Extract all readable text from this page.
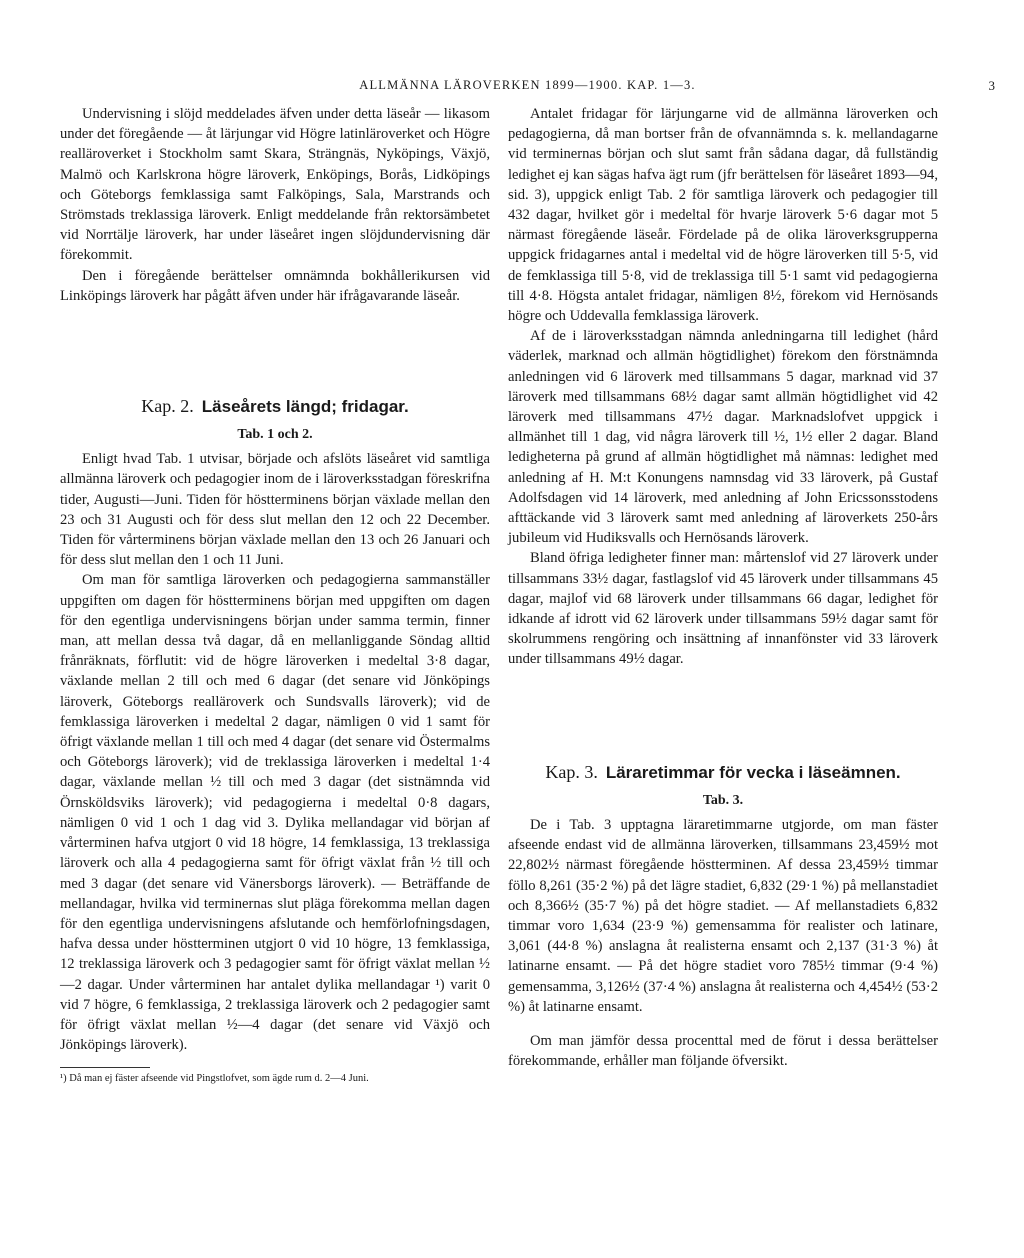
ALLMÄNNA LÄROVERKEN 1899—1900. KAP. 1—3.	3

Undervisning i slöjd meddelades äfven under detta läseår — likasom under det föregående — åt lärjungar vid Högre latinläroverket och Högre realläroverket i Stockholm samt Skara, Strängnäs, Nyköpings, Växjö, Malmö och Karlskrona högre läroverk, Enköpings, Borås, Lidköpings och Göteborgs femklassiga samt Falköpings, Sala, Marstrands och Strömstads treklassiga läroverk. Enligt meddelande från rektorsämbetet vid Norrtälje läroverk, har under läseåret ingen slöjdundervisning där förekommit.

Den i föregående berättelser omnämnda bokhållerikursen vid Linköpings läroverk har pågått äfven under här ifrågavarande läseår.

Kap. 2. Läseårets längd; fridagar.
Tab. 1 och 2.

Enligt hvad Tab. 1 utvisar, började och afslöts läseåret vid samtliga allmänna läroverk och pedagogier inom de i läroverksstadgan föreskrifna tider, Augusti—Juni. Tiden för höstterminens början växlade mellan den 23 och 31 Augusti och för dess slut mellan den 12 och 22 December. Tiden för vårterminens början växlade mellan den 13 och 26 Januari och för dess slut mellan den 1 och 11 Juni.

Om man för samtliga läroverken och pedagogierna sammanställer uppgiften om dagen för höstterminens början med uppgiften om dagen för den egentliga undervisningens början under samma termin, finner man, att mellan dessa två dagar, då en mellanliggande Söndag alltid frånräknats, förflutit: vid de högre läroverken i medeltal 3·8 dagar, växlande mellan 2 till och med 6 dagar (det senare vid Jönköpings läroverk, Göteborgs realläroverk och Sundsvalls läroverk); vid de femklassiga läroverken i medeltal 2 dagar, nämligen 0 vid 1 samt för öfrigt växlande mellan 1 till och med 4 dagar (det senare vid Östermalms och Göteborgs läroverk); vid de treklassiga läroverken i medeltal 1·4 dagar, växlande mellan ½ till och med 3 dagar (det sistnämnda vid Örnsköldsviks läroverk); vid pedagogierna i medeltal 0·8 dagars, nämligen 0 vid 1 och 1 dag vid 3. Dylika mellandagar vid början af vårterminen hafva utgjort 0 vid 18 högre, 14 femklassiga, 13 treklassiga läroverk och alla 4 pedagogierna samt för öfrigt växlat från ½ till och med 3 dagar (det senare vid Vänersborgs läroverk). — Beträffande de mellandagar, hvilka vid terminernas slut pläga förekomma mellan dagen för den egentliga undervisningens afslutande och hemförlofningsdagen, hafva dessa under höstterminen utgjort 0 vid 10 högre, 13 femklassiga, 12 treklassiga läroverk och 3 pedagogier samt för öfrigt växlat mellan ½—2 dagar. Under vårterminen har antalet dylika mellandagar ¹) varit 0 vid 7 högre, 6 femklassiga, 2 treklassiga läroverk och 2 pedagogier samt för öfrigt växlat mellan ½—4 dagar (det senare vid Växjö och Jönköpings läroverk).

¹) Då man ej fäster afseende vid Pingstlofvet, som ägde rum d. 2—4 Juni.

Antalet fridagar för lärjungarne vid de allmänna läroverken och pedagogierna, då man bortser från de ofvannämnda s. k. mellandagarne vid terminernas början och slut samt från sådana dagar, då fullständig ledighet ej kan sägas hafva ägt rum (jfr berättelsen för läseåret 1893—94, sid. 3), uppgick enligt Tab. 2 för samtliga läroverk och pedagogier till 432 dagar, hvilket gör i medeltal för hvarje läroverk 5·6 dagar mot 5 närmast föregående läseår. Fördelade på de olika läroverksgrupperna uppgick fridagarnes antal i medeltal vid de högre läroverken till 5·5, vid de femklassiga till 5·8, vid de treklassiga till 5·1 samt vid pedagogierna till 4·8. Högsta antalet fridagar, nämligen 8½, förekom vid Hernösands högre och Uddevalla femklassiga läroverk.

Af de i läroverksstadgan nämnda anledningarna till ledighet (hård väderlek, marknad och allmän högtidlighet) förekom den förstnämnda anledningen vid 6 läroverk med tillsammans 5 dagar, marknad vid 37 läroverk med tillsammans 68½ dagar samt allmän högtidlighet vid 42 läroverk med tillsammans 47½ dagar. Marknadslofvet uppgick i allmänhet till 1 dag, vid några läroverk till ½, 1½ eller 2 dagar. Bland ledigheterna på grund af allmän högtidlighet må nämnas: ledighet med anledning af H. M:t Konungens namnsdag vid 33 läroverk, på Gustaf Adolfsdagen vid 14 läroverk, med anledning af John Ericssonsstodens afttäckande vid 3 läroverk samt med anledning af läroverkets 250-års jubileum vid Hudiksvalls och Hernösands läroverk.

Bland öfriga ledigheter finner man: mårtenslof vid 27 läroverk under tillsammans 33½ dagar, fastlagslof vid 45 läroverk under tillsammans 45 dagar, majlof vid 68 läroverk under tillsammans 66 dagar, ledighet för idkande af idrott vid 62 läroverk under tillsammans 59½ dagar samt för skolrummens rengöring och insättning af innanfönster vid 33 läroverk under tillsammans 49½ dagar.

Kap. 3. Läraretimmar för vecka i läseämnen.
Tab. 3.

De i Tab. 3 upptagna läraretimmarne utgjorde, om man fäster afseende endast vid de allmänna läroverken, tillsammans 23,459½ mot 22,802½ närmast föregående höstterminen. Af dessa 23,459½ timmar föllo 8,261 (35·2 %) på det lägre stadiet, 6,832 (29·1 %) på mellanstadiet och 8,366½ (35·7 %) på det högre stadiet. — Af mellanstadiets 6,832 timmar voro 1,634 (23·9 %) gemensamma för realister och latinare, 3,061 (44·8 %) anslagna åt realisterna ensamt och 2,137 (31·3 %) åt latinarne ensamt. — På det högre stadiet voro 785½ timmar (9·4 %) gemensamma, 3,126½ (37·4 %) anslagna åt realisterna och 4,454½ (53·2 %) åt latinarne ensamt.

Om man jämför dessa procenttal med de förut i dessa berättelser förekommande, erhåller man följande öfversikt.
